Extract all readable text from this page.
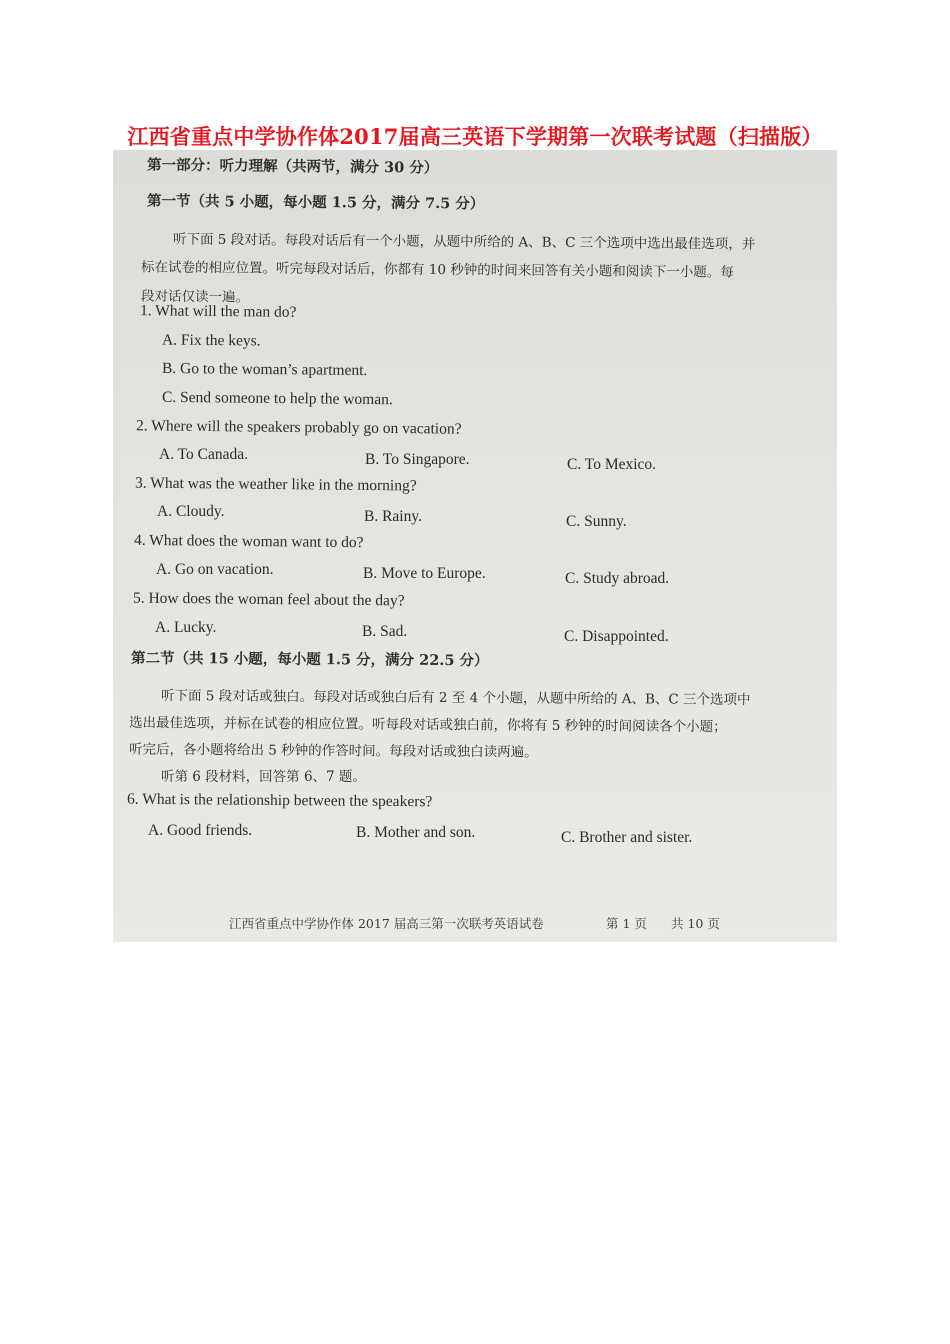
江西省重点中学协作体2017届高三英语下学期第一次联考试题（扫描版）
第一部分：听力理解（共两节，满分 30 分）
第一节（共 5 小题，每小题 1.5 分，满分 7.5 分）
听下面 5 段对话。每段对话后有一个小题，从题中所给的 A、B、C 三个选项中选出最佳选项，并
标在试卷的相应位置。听完每段对话后，你都有 10 秒钟的时间来回答有关小题和阅读下一小题。每
段对话仅读一遍。
1. What will the man do?
A. Fix the keys.
B. Go to the woman’s apartment.
C. Send someone to help the woman.
2. Where will the speakers probably go on vacation?
A. To Canada.	B. To Singapore.	C. To Mexico.
3. What was the weather like in the morning?
A. Cloudy.	B. Rainy.	C. Sunny.
4. What does the woman want to do?
A. Go on vacation.	B. Move to Europe.	C. Study abroad.
5. How does the woman feel about the day?
A. Lucky.	B. Sad.	C. Disappointed.
第二节（共 15 小题，每小题 1.5 分，满分 22.5 分）
听下面 5 段对话或独白。每段对话或独白后有 2 至 4 个小题，从题中所给的 A、B、C 三个选项中
选出最佳选项，并标在试卷的相应位置。听每段对话或独白前，你将有 5 秒钟的时间阅读各个小题；
听完后，各小题将给出 5 秒钟的作答时间。每段对话或独白读两遍。
听第 6 段材料，回答第 6、7 题。
6. What is the relationship between the speakers?
A. Good friends.	B. Mother and son.	C. Brother and sister.
江西省重点中学协作体 2017 届高三第一次联考英语试卷	第 1 页 共 10 页
